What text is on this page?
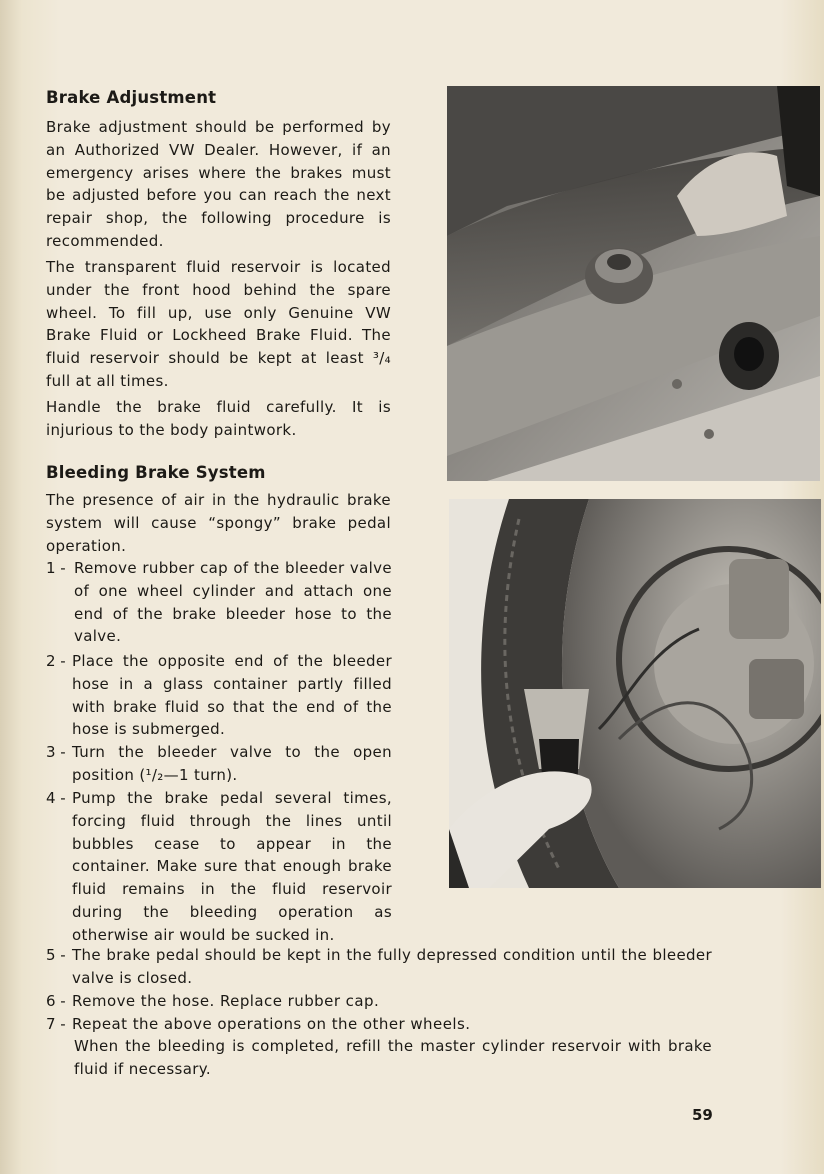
Brake Adjustment
Brake adjustment should be performed by an Authorized VW Dealer. However, if an emergency arises where the brakes must be adjusted before you can reach the next repair shop, the following procedure is recommended.
The transparent fluid reservoir is located under the front hood behind the spare wheel. To fill up, use only Genuine VW Brake Fluid or Lockheed Brake Fluid. The fluid reservoir should be kept at least ³/₄ full at all times.
Handle the brake fluid carefully. It is injurious to the body paintwork.
Bleeding Brake System
The presence of air in the hydraulic brake system will cause “spongy” brake pedal operation.
1 - Remove rubber cap of the bleeder valve of one wheel cylinder and attach one end of the brake bleeder hose to the valve.
2 - Place the opposite end of the bleeder hose in a glass container partly filled with brake fluid so that the end of the hose is submerged.
3 - Turn the bleeder valve to the open position (¹/₂—1 turn).
4 - Pump the brake pedal several times, forcing fluid through the lines until bubbles cease to appear in the container. Make sure that enough brake fluid remains in the fluid reservoir during the bleeding operation as otherwise air would be sucked in.
5 - The brake pedal should be kept in the fully depressed condition until the bleeder valve is closed.
6 - Remove the hose. Replace rubber cap.
7 - Repeat the above operations on the other wheels.
When the bleeding is completed, refill the master cylinder reservoir with brake fluid if necessary.
59
